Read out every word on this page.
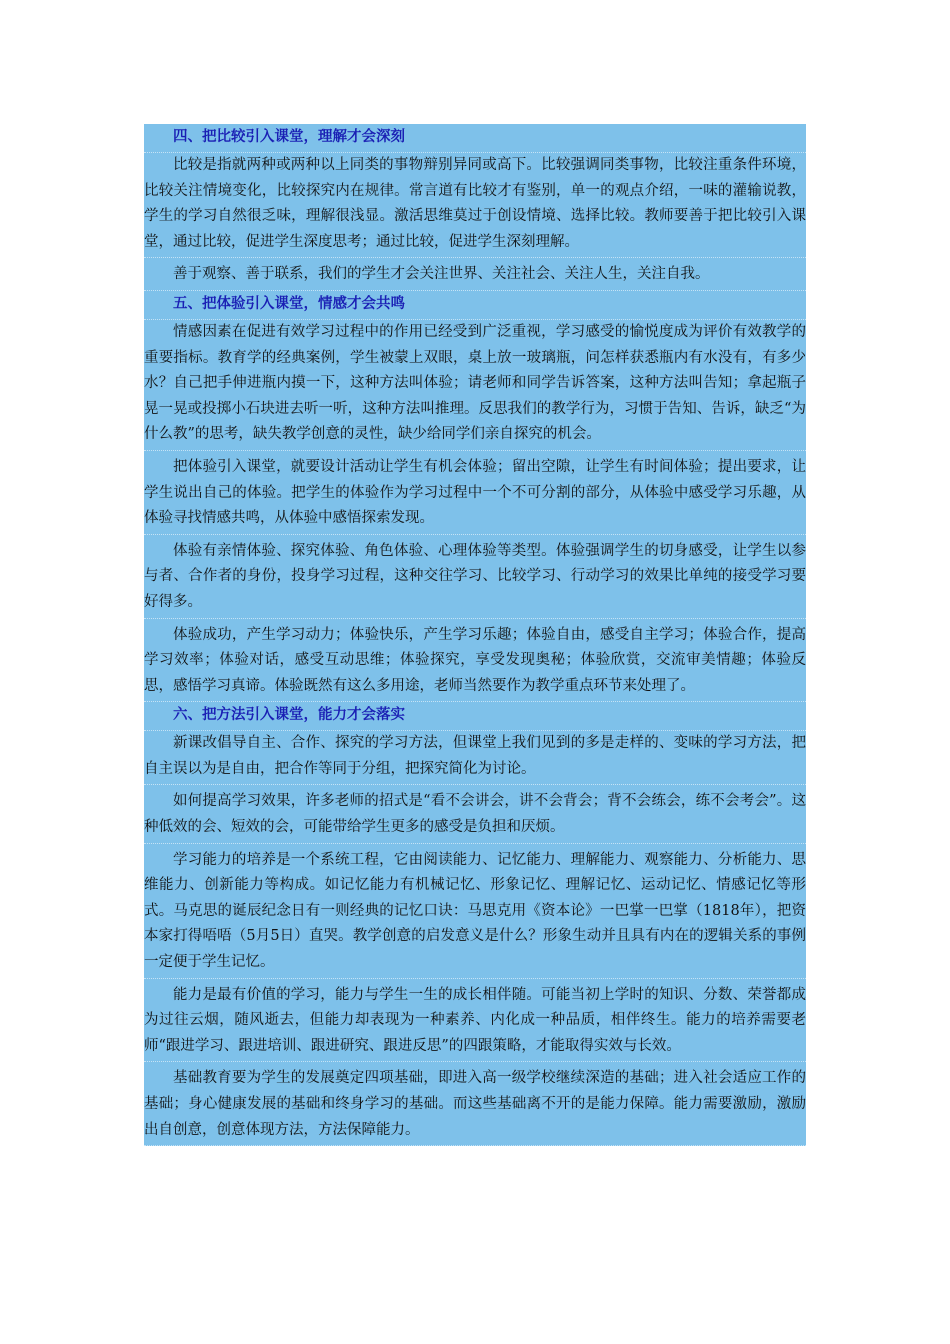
四、把比较引入课堂，理解才会深刻

比较是指就两种或两种以上同类的事物辩别异同或高下。比较强调同类事物，比较注重条件环境，比较关注情境变化，比较探究内在规律。常言道有比较才有鉴别，单一的观点介绍，一味的灌输说教，学生的学习自然很乏味，理解很浅显。激活思维莫过于创设情境、选择比较。教师要善于把比较引入课堂，通过比较，促进学生深度思考；通过比较，促进学生深刻理解。

善于观察、善于联系，我们的学生才会关注世界、关注社会、关注人生，关注自我。

五、把体验引入课堂，情感才会共鸣

情感因素在促进有效学习过程中的作用已经受到广泛重视，学习感受的愉悦度成为评价有效教学的重要指标。教育学的经典案例，学生被蒙上双眼，桌上放一玻璃瓶，问怎样获悉瓶内有水没有，有多少水？自己把手伸进瓶内摸一下，这种方法叫体验；请老师和同学告诉答案，这种方法叫告知；拿起瓶子晃一晃或投掷小石块进去听一听，这种方法叫推理。反思我们的教学行为，习惯于告知、告诉，缺乏“为什么教”的思考，缺失教学创意的灵性，缺少给同学们亲自探究的机会。

把体验引入课堂，就要设计活动让学生有机会体验；留出空隙，让学生有时间体验；提出要求，让学生说出自己的体验。把学生的体验作为学习过程中一个不可分割的部分，从体验中感受学习乐趣，从体验寻找情感共鸣，从体验中感悟探索发现。

体验有亲情体验、探究体验、角色体验、心理体验等类型。体验强调学生的切身感受，让学生以参与者、合作者的身份，投身学习过程，这种交往学习、比较学习、行动学习的效果比单纯的接受学习要好得多。

体验成功，产生学习动力；体验快乐，产生学习乐趣；体验自由，感受自主学习；体验合作，提高学习效率；体验对话，感受互动思维；体验探究，享受发现奥秘；体验欣赏，交流审美情趣；体验反思，感悟学习真谛。体验既然有这么多用途，老师当然要作为教学重点环节来处理了。

六、把方法引入课堂，能力才会落实

新课改倡导自主、合作、探究的学习方法，但课堂上我们见到的多是走样的、变味的学习方法，把自主误以为是自由，把合作等同于分组，把探究简化为讨论。

如何提高学习效果，许多老师的招式是“看不会讲会，讲不会背会；背不会练会，练不会考会”。这种低效的会、短效的会，可能带给学生更多的感受是负担和厌烦。

学习能力的培养是一个系统工程，它由阅读能力、记忆能力、理解能力、观察能力、分析能力、思维能力、创新能力等构成。如记忆能力有机械记忆、形象记忆、理解记忆、运动记忆、情感记忆等形式。马克思的诞辰纪念日有一则经典的记忆口诀：马思克用《资本论》一巴掌一巴掌（1818年），把资本家打得唔唔（5月5日）直哭。教学创意的启发意义是什么？形象生动并且具有内在的逻辑关系的事例一定便于学生记忆。

能力是最有价值的学习，能力与学生一生的成长相伴随。可能当初上学时的知识、分数、荣誉都成为过往云烟，随风逝去，但能力却表现为一种素养、内化成一种品质，相伴终生。能力的培养需要老师“跟进学习、跟进培训、跟进研究、跟进反思”的四跟策略，才能取得实效与长效。

基础教育要为学生的发展奠定四项基础，即进入高一级学校继续深造的基础；进入社会适应工作的基础；身心健康发展的基础和终身学习的基础。而这些基础离不开的是能力保障。能力需要激励，激励出自创意，创意体现方法，方法保障能力。
